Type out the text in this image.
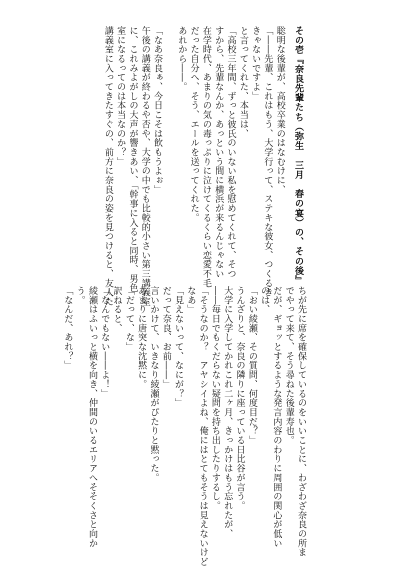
その壱『奈良先輩たち（弥生　三月　春の宴）の、その後』
聡明な後輩が、高校卒業のはなむけに、
「――先輩、これはもう、大学行って、ステキな彼女、つくるき
きゃないですよ」
と言ってくれた、本当は、
「高校三年間、ずっと彼氏のいない私を慰めてくれて、そつ
すから、先輩なんか、あっという間に横浜が来るんじゃない
在学時代、あまりの気の毒っぷりに泣けてくるくらい恋愛不毛
だった自分へ、そう、エールを送ってくれた。
あれから――。
「なあ奈良ぁ、今日こそは飲もうよぉ」
午後の講義が終わるや否や、大学の中でも比較的小さい第三講義室
に、これみよがしの大声が響きあい、「幹事に入ると同時、男色
室になるってのは本当なのか？」
講義室に入ってきたすぐの、前方に奈良の姿を見つけると、友人た
ちが先に席を確保しているのをいいことに、わざわざ奈良の所ま
でやって来て、そう尋ねた後輩寿也。
だが、ギョッとするような発言内容のわりに周囲の関心が低い
のは、
「おい綾瀬、その質問、何度目だ？」
うんざりと、奈良の隣りに座っている日比谷が言う。
大学に入学してかれこれ二ヶ月、きっかけはもう忘れたが、
――毎日でもくだらない疑問を持ち出したりするし。
「そうなのか？　アヤシイよね、俺にはとてもそうは見えないけど
なあ」
「見えないって、なにが？」
だって奈良、お前――」
言いかけて、いきなり綾瀬がぴたりと黙った。
あまりに唐突な沈黙に。
「だって、な」
訳ねると、
「なんでもない――よ！」
綾瀬はふいっと横を向き、仲間のいるエリアへそそくさと向か
う。
「なんだ、あれ？」
